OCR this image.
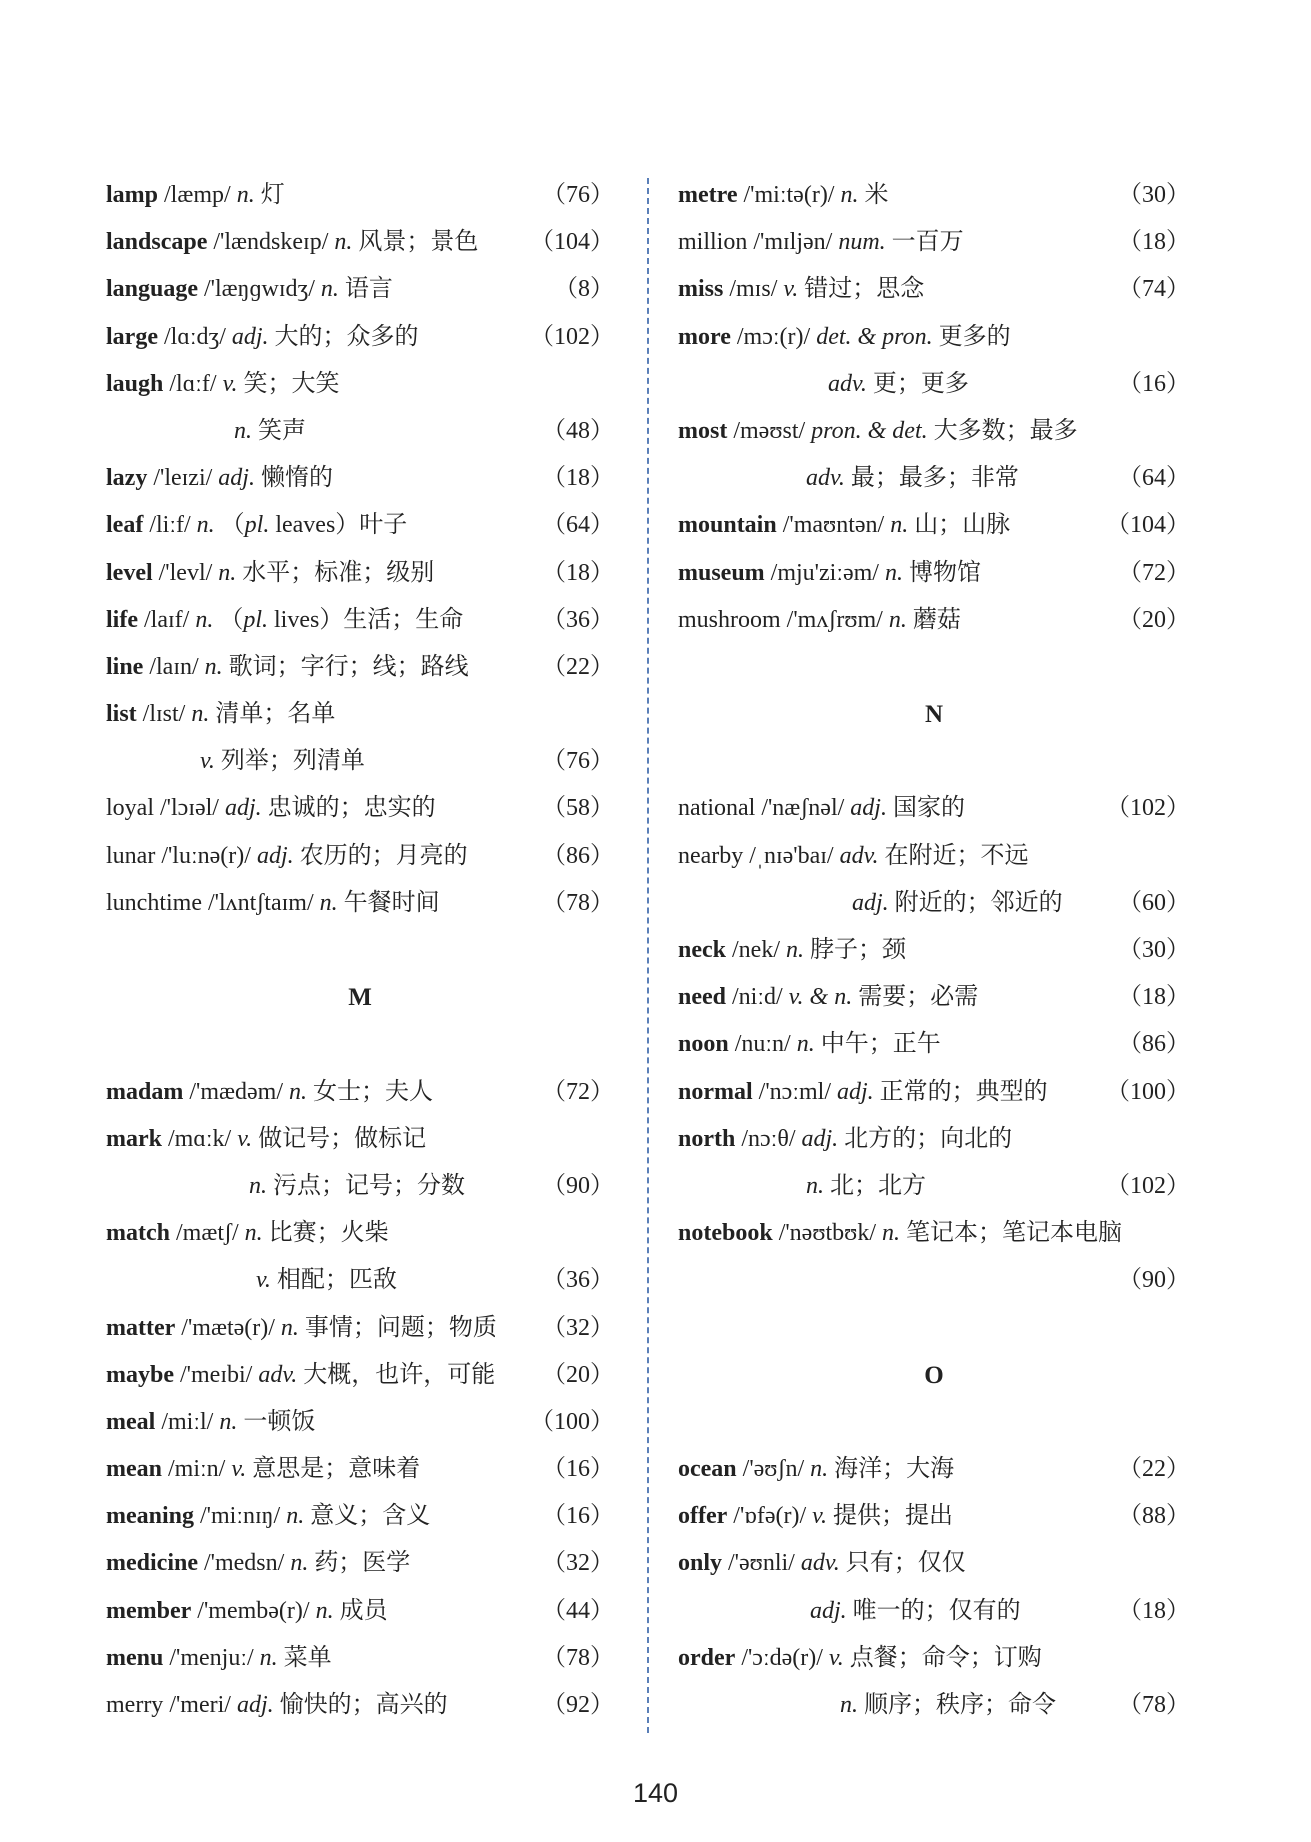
lamp /læmp/ n. 灯	（76）
landscape /'lændskeɪp/ n. 风景；景色 （104）
language /'læŋɡwɪdʒ/ n. 语言	（8）
large /lɑːdʒ/ adj. 大的；众多的	（102）
laugh /lɑːf/ v. 笑；大笑
n. 笑声	（48）
lazy /'leɪzi/ adj. 懒惰的	（18）
leaf /liːf/ n. （pl. leaves）叶子	（64）
level /'levl/ n. 水平；标准；级别	（18）
life /laɪf/ n. （pl. lives）生活；生命	（36）
line /laɪn/ n. 歌词；字行；线；路线	（22）
list /lɪst/ n. 清单；名单
v. 列举；列清单	（76）
loyal /'lɔɪəl/ adj. 忠诚的；忠实的	（58）
lunar /'luːnə(r)/ adj. 农历的；月亮的	（86）
lunchtime /'lʌntʃtaɪm/ n. 午餐时间	（78）
M
madam /'mædəm/ n. 女士；夫人	（72）
mark /mɑːk/ v. 做记号；做标记
n. 污点；记号；分数	（90）
match /mætʃ/ n. 比赛；火柴
v. 相配；匹敌	（36）
matter /'mætə(r)/ n. 事情；问题；物质 （32）
maybe /'meɪbi/ adv. 大概，也许，可能 （20）
meal /miːl/ n. 一顿饭	（100）
mean /miːn/ v. 意思是；意味着	（16）
meaning /'miːnɪŋ/ n. 意义；含义	（16）
medicine /'medsn/ n. 药；医学	（32）
member /'membə(r)/ n. 成员	（44）
menu /'menjuː/ n. 菜单	（78）
merry /'meri/ adj. 愉快的；高兴的	（92）
metre /'miːtə(r)/ n. 米	（30）
million /'mɪljən/ num. 一百万	（18）
miss /mɪs/ v. 错过；思念	（74）
more /mɔː(r)/ det. & pron. 更多的
adv. 更；更多	（16）
most /məʊst/ pron. & det. 大多数；最多
adv. 最；最多；非常	（64）
mountain /'maʊntən/ n. 山；山脉	（104）
museum /mju'ziːəm/ n. 博物馆	（72）
mushroom /'mʌʃrʊm/ n. 蘑菇	（20）
N
national /'næʃnəl/ adj. 国家的	（102）
nearby /ˌnɪə'baɪ/ adv. 在附近；不远
adj. 附近的；邻近的 （60）
neck /nek/ n. 脖子；颈	（30）
need /niːd/ v. & n. 需要；必需	（18）
noon /nuːn/ n. 中午；正午	（86）
normal /'nɔːml/ adj. 正常的；典型的 （100）
north /nɔːθ/ adj. 北方的；向北的
n. 北；北方	（102）
notebook /'nəʊtbʊk/ n. 笔记本；笔记本电脑
（90）
O
ocean /'əʊʃn/ n. 海洋；大海	（22）
offer /'ɒfə(r)/ v. 提供；提出	（88）
only /'əʊnli/ adv. 只有；仅仅
adj. 唯一的；仅有的	（18）
order /'ɔːdə(r)/ v. 点餐；命令；订购
n. 顺序；秩序；命令	（78）
140
